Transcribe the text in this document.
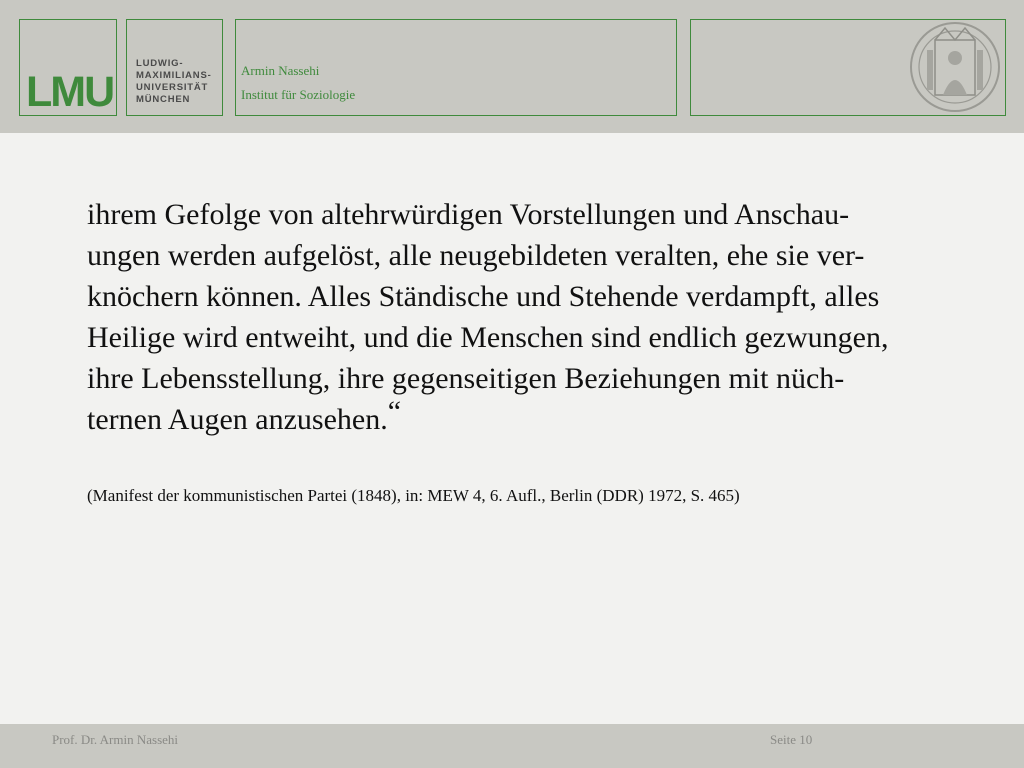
LMU
LUDWIG-
MAXIMILIANS-
UNIVERSITÄT
MÜNCHEN
Armin Nassehi
Institut für Soziologie
ihrem Gefolge von altehrwürdigen Vorstellungen und Anschau-
ungen werden aufgelöst, alle neugebildeten veralten, ehe sie ver-
knöchern können. Alles Ständische und Stehende verdampft, alles
Heilige wird entweiht, und die Menschen sind endlich gezwungen,
ihre Lebensstellung, ihre gegenseitigen Beziehungen mit nüch-
ternen Augen anzusehen.“
(Manifest der kommunistischen Partei (1848), in: MEW 4, 6. Aufl., Berlin (DDR) 1972, S. 465)
Prof. Dr. Armin Nassehi	Seite 10
